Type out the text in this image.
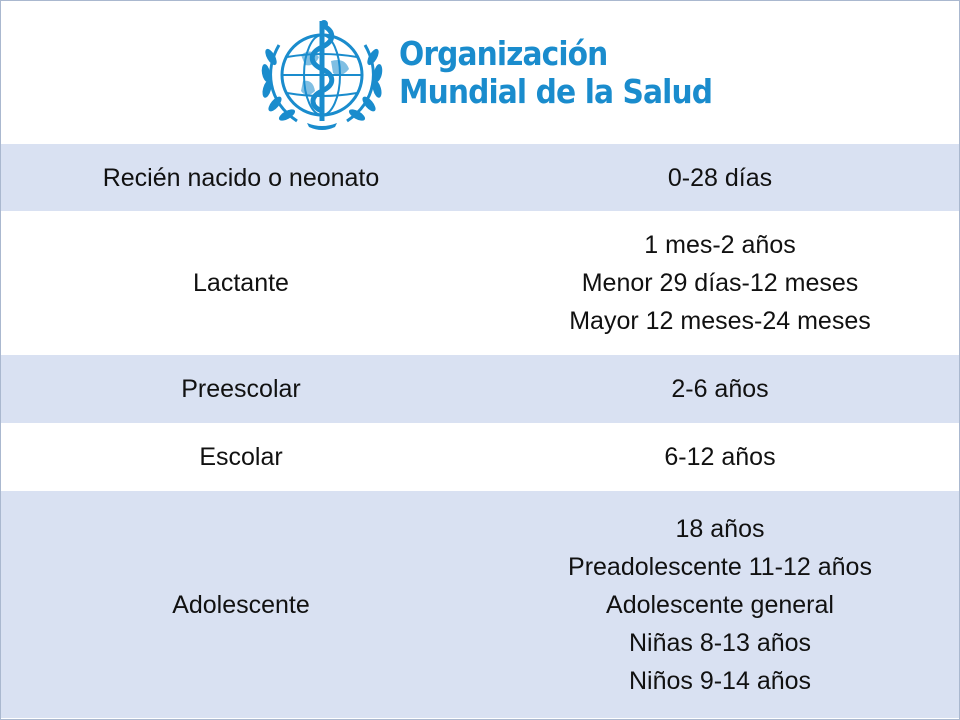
Organización
Mundial de la Salud
Recién nacido o neonato	0-28 días

Lactante	1 mes-2 años
Menor 29 días-12 meses
Mayor 12 meses-24 meses

Preescolar	2-6 años

Escolar	6-12 años

Adolescente	18 años
Preadolescente 11-12 años
Adolescente general
Niñas 8-13 años
Niños 9-14 años
